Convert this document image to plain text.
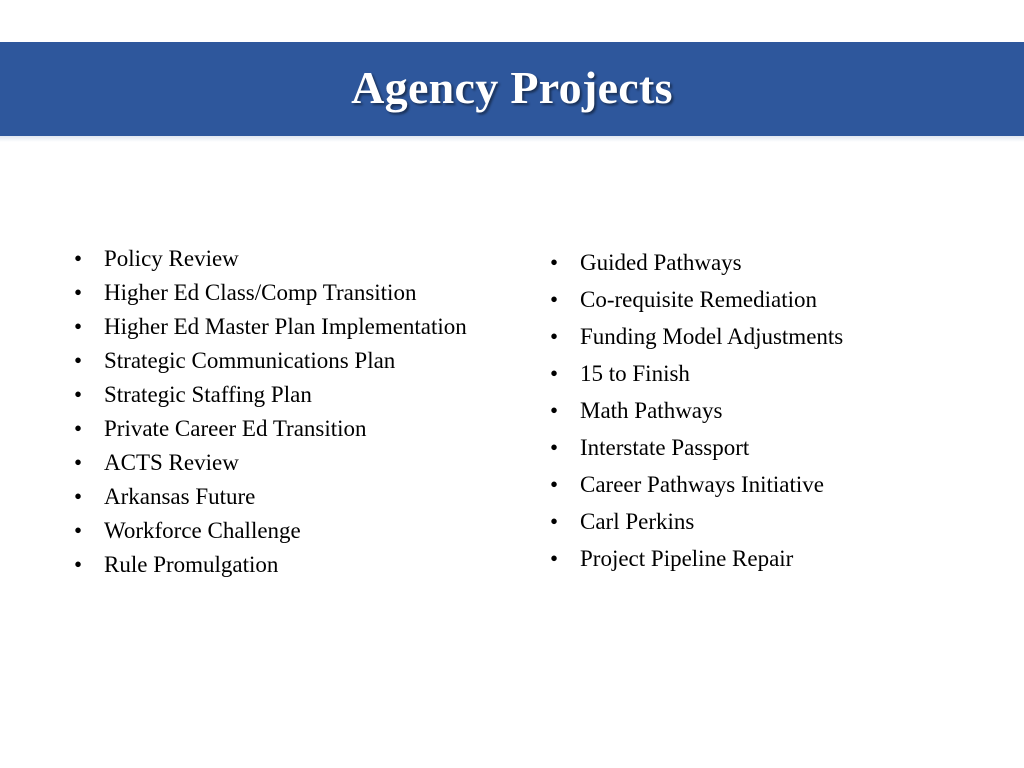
Agency Projects
• Policy Review
• Higher Ed Class/Comp Transition
• Higher Ed Master Plan Implementation
• Strategic Communications Plan
• Strategic Staffing Plan
• Private Career Ed Transition
• ACTS Review
• Arkansas Future
• Workforce Challenge
• Rule Promulgation
• Guided Pathways
• Co-requisite Remediation
• Funding Model Adjustments
• 15 to Finish
• Math Pathways
• Interstate Passport
• Career Pathways Initiative
• Carl Perkins
• Project Pipeline Repair
